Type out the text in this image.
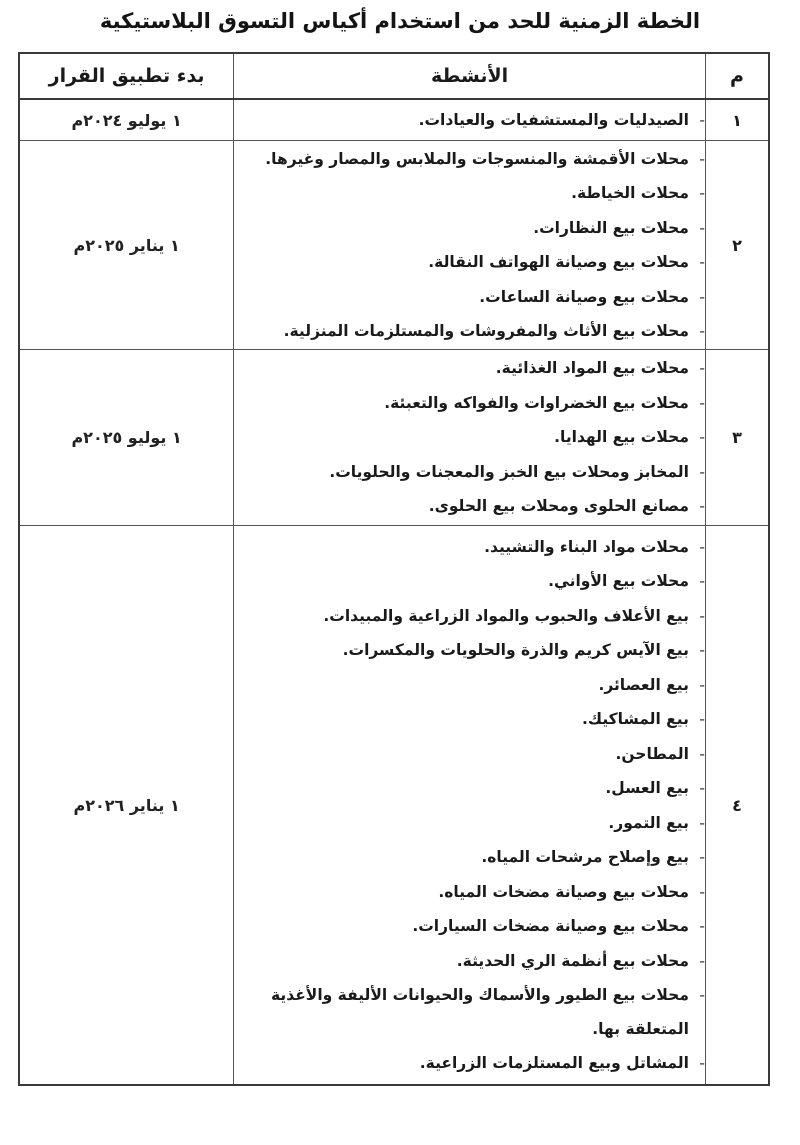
الخطة الزمنية للحد من استخدام أكياس التسوق البلاستيكية
م	الأنشطة	بدء تطبيق القرار
١	
- الصيدليات والمستشفيات والعيادات.
	١ يوليو ٢٠٢٤م
٢	
- محلات الأقمشة والمنسوجات والملابس والمصار وغيرها.
- محلات الخياطة.
- محلات بيع النظارات.
- محلات بيع وصيانة الهواتف النقالة.
- محلات بيع وصيانة الساعات.
- محلات بيع الأثاث والمفروشات والمستلزمات المنزلية.
	١ يناير ٢٠٢٥م
٣	
- محلات بيع المواد الغذائية.
- محلات بيع الخضراوات والفواكه والتعبئة.
- محلات بيع الهدايا.
- المخابز ومحلات بيع الخبز والمعجنات والحلويات.
- مصانع الحلوى ومحلات بيع الحلوى.
	١ يوليو ٢٠٢٥م
٤	
- محلات مواد البناء والتشييد.
- محلات بيع الأواني.
- بيع الأعلاف والحبوب والمواد الزراعية والمبيدات.
- بيع الآيس كريم والذرة والحلويات والمكسرات.
- بيع العصائر.
- بيع المشاكيك.
- المطاحن.
- بيع العسل.
- بيع التمور.
- بيع وإصلاح مرشحات المياه.
- محلات بيع وصيانة مضخات المياه.
- محلات بيع وصيانة مضخات السيارات.
- محلات بيع أنظمة الري الحديثة.
- محلات بيع الطيور والأسماك والحيوانات الأليفة والأغذية المتعلقة بها.
- المشاتل وبيع المستلزمات الزراعية.
	١ يناير ٢٠٢٦م
